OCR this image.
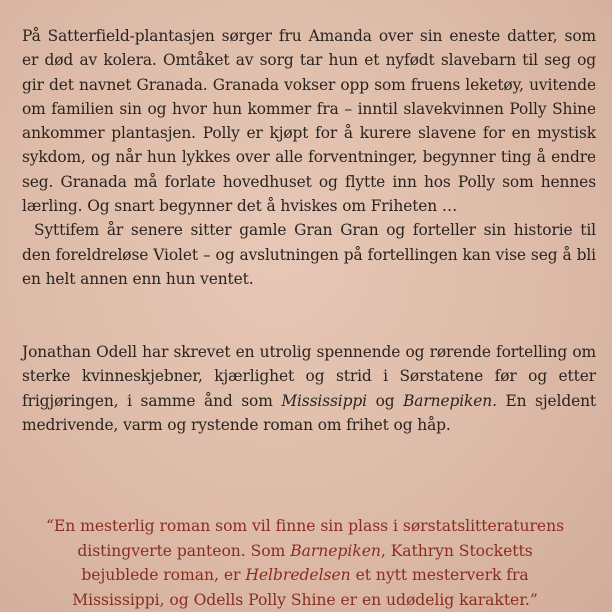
På Satterfield-plantasjen sørger fru Amanda over sin eneste datter, som er død av kolera. Omtåket av sorg tar hun et nyfødt slavebarn til seg og gir det navnet Granada. Granada vokser opp som fruens leketøy, uvitende om familien sin og hvor hun kommer fra – inntil slavekvinnen Polly Shine ankommer plantasjen. Polly er kjøpt for å kurere slavene for en mystisk sykdom, og når hun lykkes over alle forventninger, begynner ting å endre seg. Granada må forlate hovedhuset og flytte inn hos Polly som hennes lærling. Og snart begynner det å hviskes om Friheten …

Syttifem år senere sitter gamle Gran Gran og forteller sin historie til den foreldreløse Violet – og avslutningen på fortellingen kan vise seg å bli en helt annen enn hun ventet.

Jonathan Odell har skrevet en utrolig spennende og rørende fortelling om sterke kvinneskjebner, kjærlighet og strid i Sørstatene før og etter frigjøringen, i samme ånd som Mississippi og Barnepiken. En sjeldent medrivende, varm og rystende roman om frihet og håp.

“En mesterlig roman som vil finne sin plass i sørstatslitteraturens

distingverte panteon. Som Barnepiken, Kathryn Stocketts

bejublede roman, er Helbredelsen et nytt mesterverk fra

Mississippi, og Odells Polly Shine er en udødelig karakter.”
